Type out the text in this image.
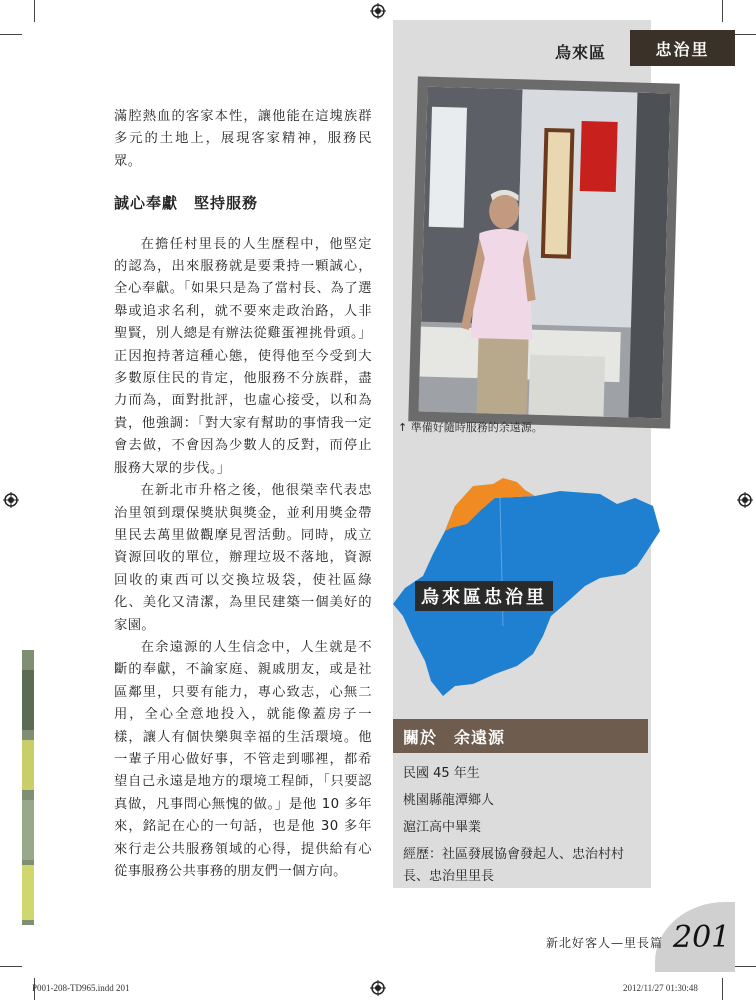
烏來區	忠治里
↑ 準備好隨時服務的余遠源。

滿腔熱血的客家本性，讓他能在這塊族群多元的土地上，展現客家精神，服務民眾。

誠心奉獻　堅持服務

在擔任村里長的人生歷程中，他堅定的認為，出來服務就是要秉持一顆誠心，全心奉獻。「如果只是為了當村長、為了選舉或追求名利，就不要來走政治路，人非聖賢，別人總是有辦法從雞蛋裡挑骨頭。」正因抱持著這種心態，使得他至今受到大多數原住民的肯定，他服務不分族群，盡力而為，面對批評，也虛心接受，以和為貴，他強調：「對大家有幫助的事情我一定會去做，不會因為少數人的反對，而停止服務大眾的步伐。」

在新北市升格之後，他很榮幸代表忠治里領到環保獎狀與獎金，並利用獎金帶里民去萬里做觀摩見習活動。同時，成立資源回收的單位，辦理垃圾不落地，資源回收的東西可以交換垃圾袋，使社區綠化、美化又清潔，為里民建築一個美好的家園。

在余遠源的人生信念中，人生就是不斷的奉獻，不論家庭、親戚朋友，或是社區鄰里，只要有能力，專心致志，心無二用，全心全意地投入，就能像蓋房子一樣，讓人有個快樂與幸福的生活環境。他一輩子用心做好事，不管走到哪裡，都希望自己永遠是地方的環境工程師，「只要認真做，凡事問心無愧的做。」是他 10 多年來，銘記在心的一句話，也是他 30 多年來行走公共服務領域的心得，提供給有心從事服務公共事務的朋友們一個方向。

烏來區忠治里
關於　余遠源
民國 45 年生
桃園縣龍潭鄉人
滬江高中畢業
經歷：社區發展協會發起人、忠治村村長、忠治里里長
新北好客人—里長篇 201
P001-208-TD965.indd 201	2012/11/27 01:30:48
